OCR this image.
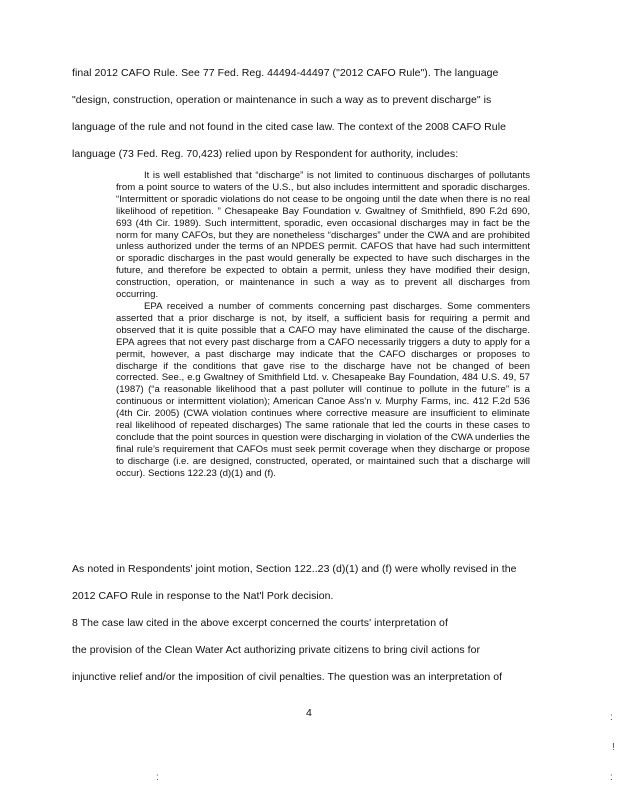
final 2012 CAFO Rule. See 77 Fed. Reg. 44494-44497 ("2012 CAFO Rule"). The language
"design, construction, operation or maintenance in such a way as to prevent discharge" is
language of the rule and not found in the cited case law. The context of the 2008 CAFO Rule
language (73 Fed. Reg. 70,423) relied upon by Respondent for authority, includes:

It is well established that “discharge” is not limited to continuous discharges of pollutants from a point source to waters of the U.S., but also includes intermittent and sporadic discharges. “Intermittent or sporadic violations do not cease to be ongoing until the date when there is no real likelihood of repetition. ” Chesapeake Bay Foundation v. Gwaltney of Smithfield, 890 F.2d 690, 693 (4th Cir. 1989). Such intermittent, sporadic, even occasional discharges may in fact be the norm for many CAFOs, but they are nonetheless “discharges” under the CWA and are prohibited unless authorized under the terms of an NPDES permit. CAFOS that have had such intermittent or sporadic discharges in the past would generally be expected to have such discharges in the future, and therefore be expected to obtain a permit, unless they have modified their design, construction, operation, or maintenance in such a way as to prevent all discharges from occurring.

EPA received a number of comments concerning past discharges. Some commenters asserted that a prior discharge is not, by itself, a sufficient basis for requiring a permit and observed that it is quite possible that a CAFO may have eliminated the cause of the discharge. EPA agrees that not every past discharge from a CAFO necessarily triggers a duty to apply for a permit, however, a past discharge may indicate that the CAFO discharges or proposes to discharge if the conditions that gave rise to the discharge have not be changed of been corrected. See., e.g Gwaltney of Smithfield Ltd. v. Chesapeake Bay Foundation, 484 U.S. 49, 57 (1987) (“a reasonable likelihood that a past polluter will continue to pollute in the future” is a continuous or intermittent violation); American Canoe Ass’n v. Murphy Farms, inc. 412 F.2d 536 (4th Cir. 2005) (CWA violation continues where corrective measure are insufficient to eliminate real likelihood of repeated discharges) The same rationale that led the courts in these cases to conclude that the point sources in question were discharging in violation of the CWA underlies the final rule’s requirement that CAFOs must seek permit coverage when they discharge or propose to discharge (i.e. are designed, constructed, operated, or maintained such that a discharge will occur). Sections 122.23 (d)(1) and (f).

As noted in Respondents' joint motion, Section 122..23 (d)(1) and (f) were wholly revised in the
2012 CAFO Rule in response to the Nat'l Pork decision.
8 The case law cited in the above excerpt concerned the courts' interpretation of
the provision of the Clean Water Act authorizing private citizens to bring civil actions for
injunctive relief and/or the imposition of civil penalties. The question was an interpretation of
4	:
!
:	:
